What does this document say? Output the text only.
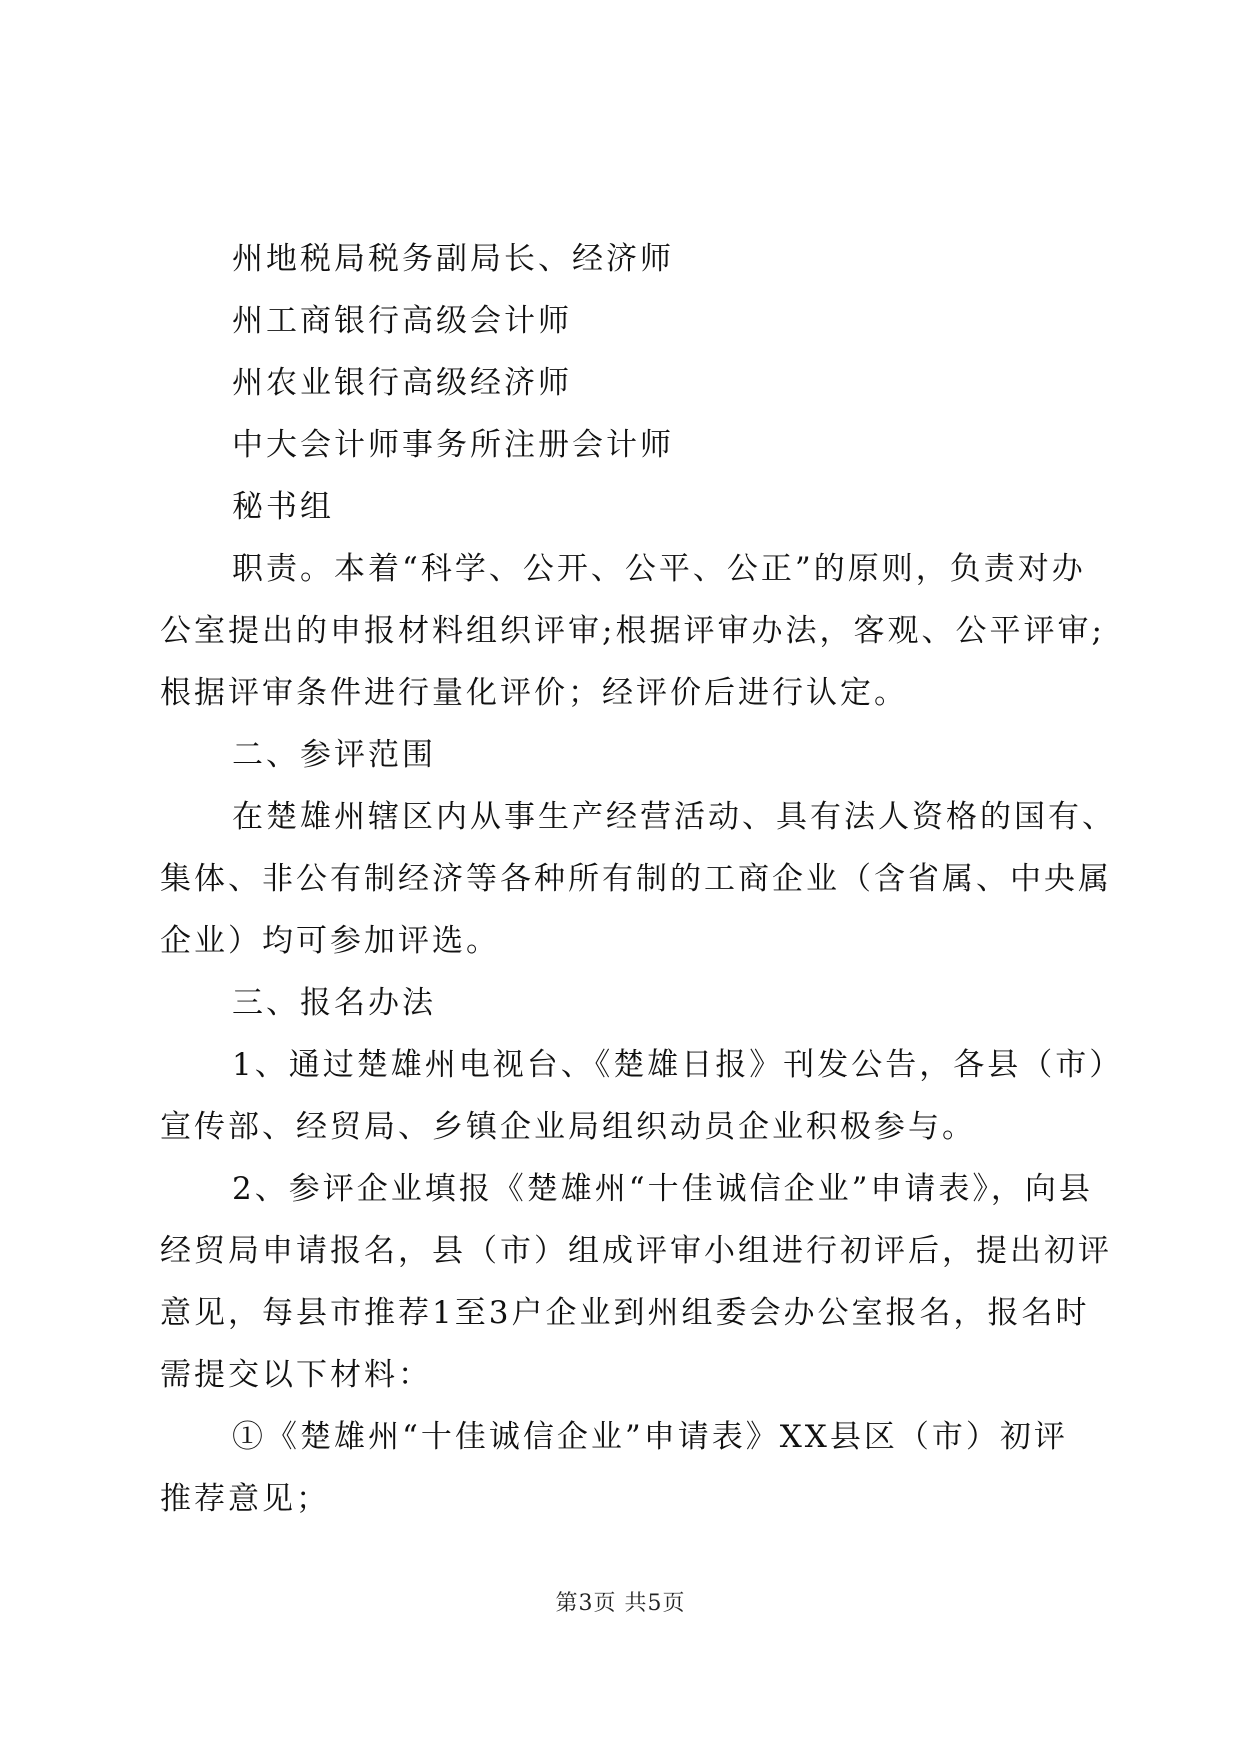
州地税局税务副局长、经济师
州工商银行高级会计师
州农业银行高级经济师
中大会计师事务所注册会计师
秘书组
职责。本着“科学、公开、公平、公正”的原则，负责对办
公室提出的申报材料组织评审;根据评审办法，客观、公平评审;
根据评审条件进行量化评价；经评价后进行认定。
二、参评范围
在楚雄州辖区内从事生产经营活动、具有法人资格的国有、
集体、非公有制经济等各种所有制的工商企业（含省属、中央属
企业）均可参加评选。
三、报名办法
1、通过楚雄州电视台、《楚雄日报》刊发公告，各县（市）
宣传部、经贸局、乡镇企业局组织动员企业积极参与。
2、参评企业填报《楚雄州“十佳诚信企业”申请表》，向县
经贸局申请报名，县（市）组成评审小组进行初评后，提出初评
意见，每县市推荐1至3户企业到州组委会办公室报名，报名时
需提交以下材料：
①《楚雄州“十佳诚信企业”申请表》XX县区（市）初评
推荐意见；
第3页 共5页
